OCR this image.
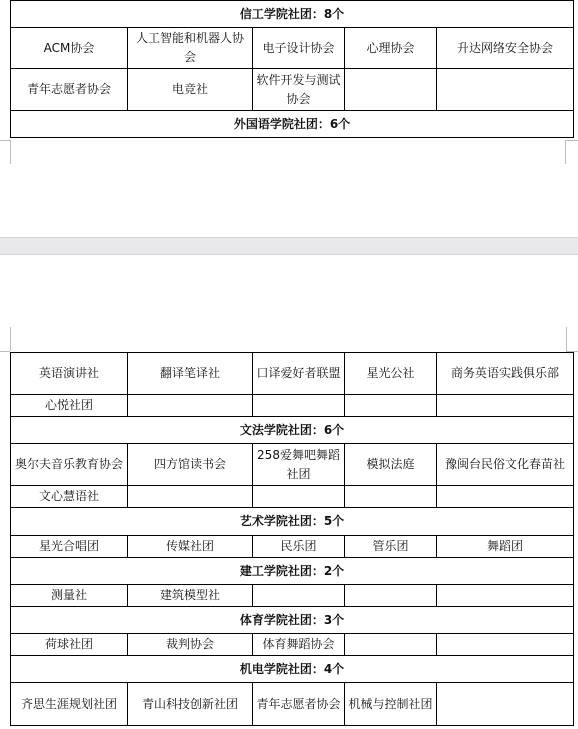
信工学院社团：8个				
ACM协会	人工智能和机器人协会	电子设计协会	心理协会	升达网络安全协会
青年志愿者协会	电竞社	软件开发与测试协会		
外国语学院社团：6个				
英语演讲社	翻译笔译社	口译爱好者联盟	星光公社	商务英语实践俱乐部
心悦社团				
文法学院社团：6个				
奥尔夫音乐教育协会	四方馆读书会	258爱舞吧舞蹈社团	模拟法庭	豫闽台民俗文化春苗社
文心慧语社				
艺术学院社团：5个				
星光合唱团	传媒社团	民乐团	管乐团	舞蹈团
建工学院社团：2个				
测量社	建筑模型社			
体育学院社团：3个				
荷球社团	裁判协会	体育舞蹈协会		
机电学院社团：4个				
齐思生涯规划社团	青山科技创新社团	青年志愿者协会	机械与控制社团	
